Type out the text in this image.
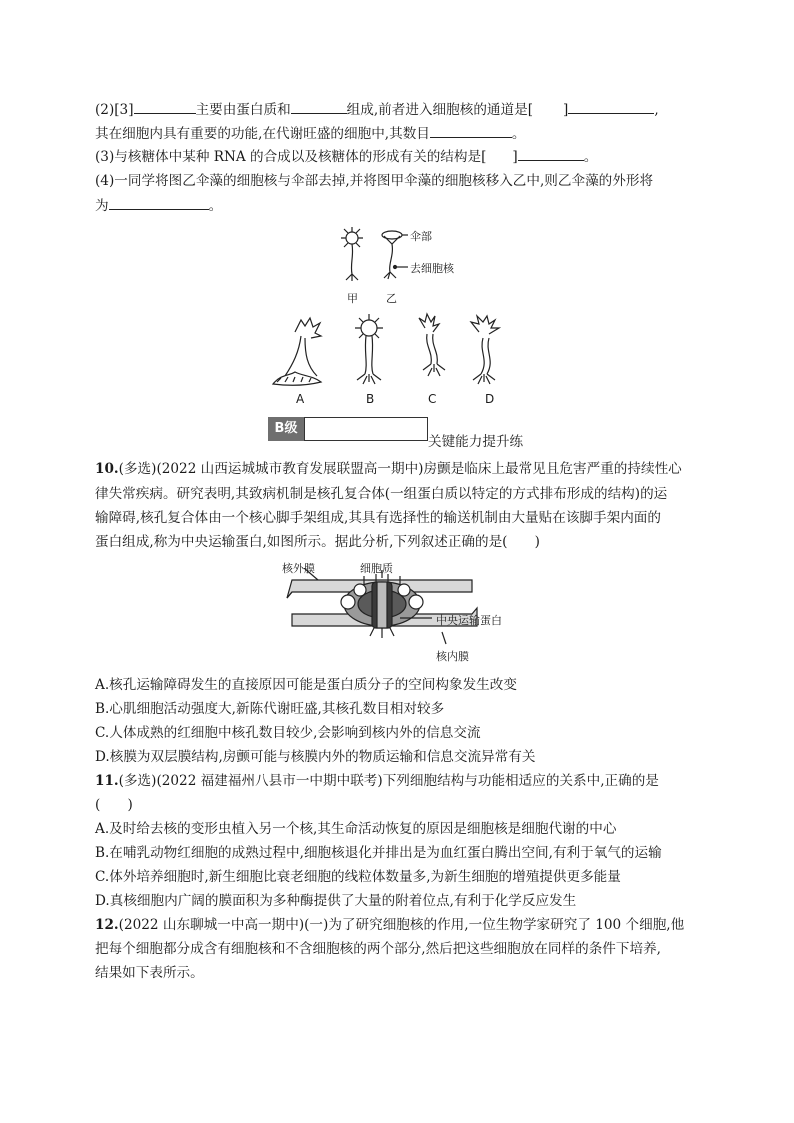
(2)[3]	主要由蛋白质和	组成,前者进入细胞核的通道是[ ]	,
其在细胞内具有重要的功能,在代谢旺盛的细胞中,其数目	。
(3)与核糖体中某种 RNA 的合成以及核糖体的形成有关的结构是[ ]	。
(4)一同学将图乙伞藻的细胞核与伞部去掉,并将图甲伞藻的细胞核移入乙中,则乙伞藻的外形将
为	。
伞部
去细胞核
甲	乙
A	B	C	D
B级
关键能力提升练
10.(多选)(2022 山西运城城市教育发展联盟高一期中)房颤是临床上最常见且危害严重的持续性心
律失常疾病。研究表明,其致病机制是核孔复合体(一组蛋白质以特定的方式排布形成的结构)的运
输障碍,核孔复合体由一个核心脚手架组成,其具有选择性的输送机制由大量贴在该脚手架内面的
蛋白组成,称为中央运输蛋白,如图所示。据此分析,下列叙述正确的是(　　)
核外膜	细胞质
中央运输蛋白
核内膜
A.核孔运输障碍发生的直接原因可能是蛋白质分子的空间构象发生改变
B.心肌细胞活动强度大,新陈代谢旺盛,其核孔数目相对较多
C.人体成熟的红细胞中核孔数目较少,会影响到核内外的信息交流
D.核膜为双层膜结构,房颤可能与核膜内外的物质运输和信息交流异常有关
11.(多选)(2022 福建福州八县市一中期中联考)下列细胞结构与功能相适应的关系中,正确的是
(　　)
A.及时给去核的变形虫植入另一个核,其生命活动恢复的原因是细胞核是细胞代谢的中心
B.在哺乳动物红细胞的成熟过程中,细胞核退化并排出是为血红蛋白腾出空间,有利于氧气的运输
C.体外培养细胞时,新生细胞比衰老细胞的线粒体数量多,为新生细胞的增殖提供更多能量
D.真核细胞内广阔的膜面积为多种酶提供了大量的附着位点,有利于化学反应发生
12.(2022 山东聊城一中高一期中)(一)为了研究细胞核的作用,一位生物学家研究了 100 个细胞,他
把每个细胞都分成含有细胞核和不含细胞核的两个部分,然后把这些细胞放在同样的条件下培养,
结果如下表所示。
